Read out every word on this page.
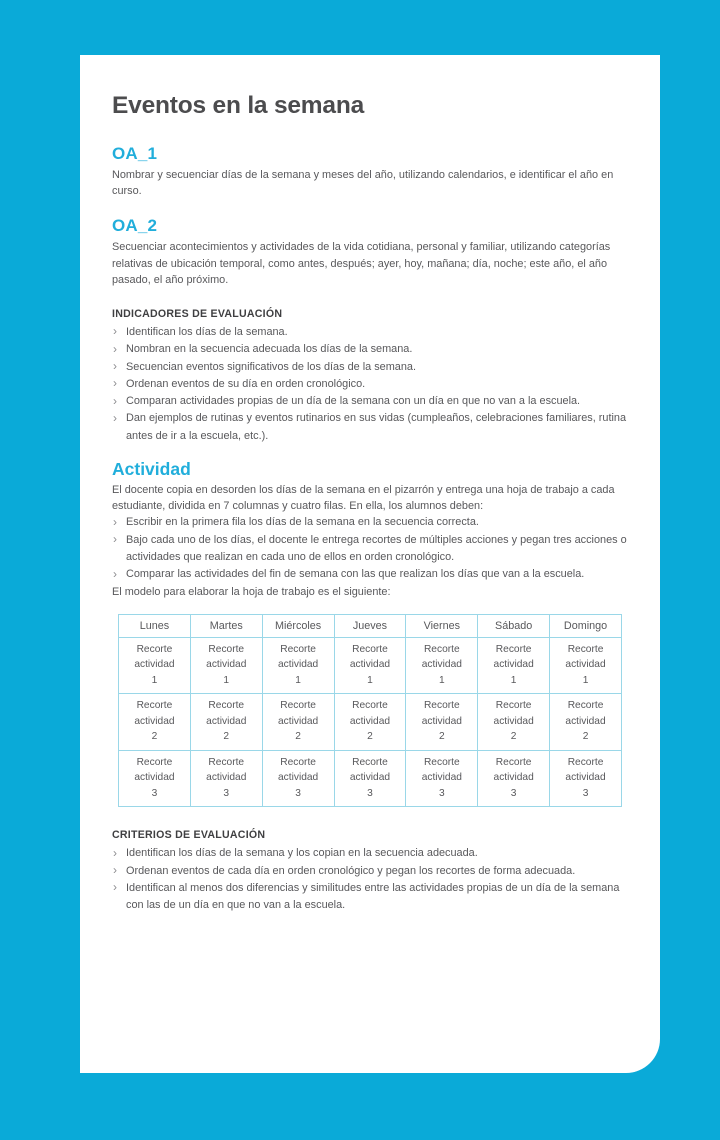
Eventos en la semana
OA_1

Nombrar y secuenciar días de la semana y meses del año, utilizando calendarios, e identificar el año en curso.

OA_2

Secuenciar acontecimientos y actividades de la vida cotidiana, personal y familiar, utilizando categorías relativas de ubicación temporal, como antes, después; ayer, hoy, mañana; día, noche; este año, el año pasado, el año próximo.

INDICADORES DE EVALUACIÓN
› Identifican los días de la semana.
› Nombran en la secuencia adecuada los días de la semana.
› Secuencian eventos significativos de los días de la semana.
› Ordenan eventos de su día en orden cronológico.
› Comparan actividades propias de un día de la semana con un día en que no van a la escuela.
› Dan ejemplos de rutinas y eventos rutinarios en sus vidas (cumpleaños, celebraciones familiares, rutina antes de ir a la escuela, etc.).
Actividad

El docente copia en desorden los días de la semana en el pizarrón y entrega una hoja de trabajo a cada estudiante, dividida en 7 columnas y cuatro filas. En ella, los alumnos deben:

› Escribir en la primera fila los días de la semana en la secuencia correcta.
› Bajo cada uno de los días, el docente le entrega recortes de múltiples acciones y pegan tres acciones o actividades que realizan en cada uno de ellos en orden cronológico.
› Comparar las actividades del fin de semana con las que realizan los días que van a la escuela.

El modelo para elaborar la hoja de trabajo es el siguiente:

Lunes	Martes	Miércoles	Jueves	Viernes	Sábado	Domingo

Recorte
actividad
1	Recorte
actividad
1	Recorte
actividad
1	Recorte
actividad
1	Recorte
actividad
1	Recorte
actividad
1	Recorte
actividad
1

Recorte
actividad
2	Recorte
actividad
2	Recorte
actividad
2	Recorte
actividad
2	Recorte
actividad
2	Recorte
actividad
2	Recorte
actividad
2

Recorte
actividad
3	Recorte
actividad
3	Recorte
actividad
3	Recorte
actividad
3	Recorte
actividad
3	Recorte
actividad
3	Recorte
actividad
3
CRITERIOS DE EVALUACIÓN
› Identifican los días de la semana y los copian en la secuencia adecuada.
› Ordenan eventos de cada día en orden cronológico y pegan los recortes de forma adecuada.
› Identifican al menos dos diferencias y similitudes entre las actividades propias de un día de la semana con las de un día en que no van a la escuela.
